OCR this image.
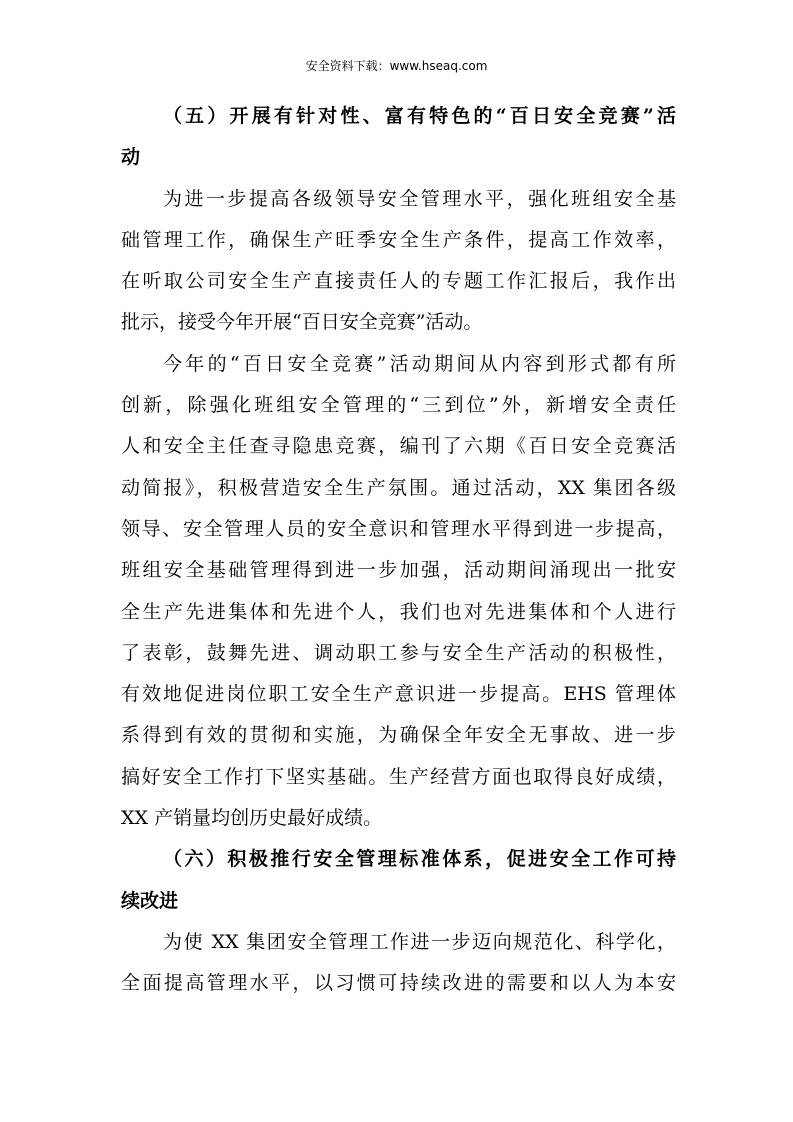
安全资料下载：www.hseaq.com
（五）开展有针对性、富有特色的“百日安全竞赛”活
动
为进一步提高各级领导安全管理水平，强化班组安全基
础管理工作，确保生产旺季安全生产条件，提高工作效率，
在听取公司安全生产直接责任人的专题工作汇报后，我作出
批示，接受今年开展“百日安全竞赛”活动。
今年的“百日安全竞赛”活动期间从内容到形式都有所
创新，除强化班组安全管理的“三到位”外，新增安全责任
人和安全主任查寻隐患竞赛，编刊了六期《百日安全竞赛活
动简报》，积极营造安全生产氛围。通过活动，XX 集团各级
领导、安全管理人员的安全意识和管理水平得到进一步提高，
班组安全基础管理得到进一步加强，活动期间涌现出一批安
全生产先进集体和先进个人，我们也对先进集体和个人进行
了表彰，鼓舞先进、调动职工参与安全生产活动的积极性，
有效地促进岗位职工安全生产意识进一步提高。EHS 管理体
系得到有效的贯彻和实施，为确保全年安全无事故、进一步
搞好安全工作打下坚实基础。生产经营方面也取得良好成绩，
XX 产销量均创历史最好成绩。
（六）积极推行安全管理标准体系，促进安全工作可持
续改进
为使 XX 集团安全管理工作进一步迈向规范化、科学化，
全面提高管理水平，以习惯可持续改进的需要和以人为本安
